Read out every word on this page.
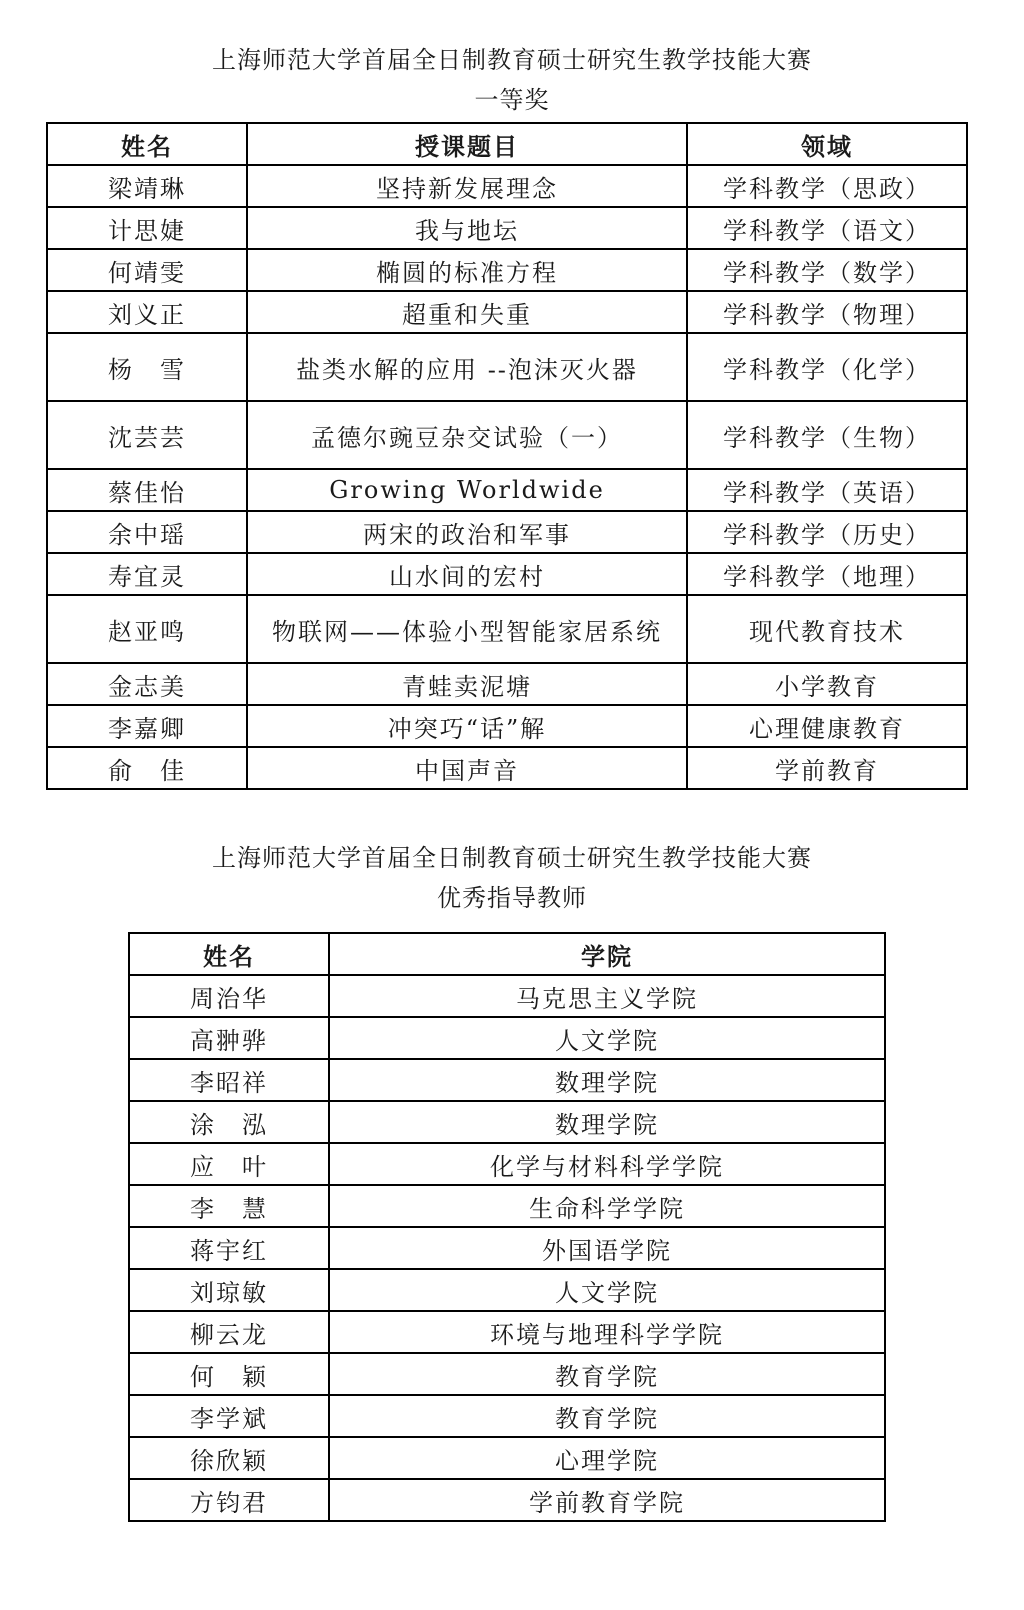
上海师范大学首届全日制教育硕士研究生教学技能大赛
一等奖
姓名	授课题目	领域
梁靖琳	坚持新发展理念	学科教学（思政）
计思婕	我与地坛	学科教学（语文）
何靖雯	椭圆的标准方程	学科教学（数学）
刘义正	超重和失重	学科教学（物理）
杨　雪	盐类水解的应用 --泡沫灭火器	学科教学（化学）
沈芸芸	孟德尔豌豆杂交试验（一）	学科教学（生物）
蔡佳怡	Growing Worldwide	学科教学（英语）
余中瑶	两宋的政治和军事	学科教学（历史）
寿宜灵	山水间的宏村	学科教学（地理）
赵亚鸣	物联网——体验小型智能家居系统	现代教育技术
金志美	青蛙卖泥塘	小学教育
李嘉卿	冲突巧“话”解	心理健康教育
俞　佳	中国声音	学前教育
上海师范大学首届全日制教育硕士研究生教学技能大赛
优秀指导教师
姓名	学院
周治华	马克思主义学院
高翀骅	人文学院
李昭祥	数理学院
涂　泓	数理学院
应　叶	化学与材料科学学院
李　慧	生命科学学院
蒋宇红	外国语学院
刘琼敏	人文学院
柳云龙	环境与地理科学学院
何　颖	教育学院
李学斌	教育学院
徐欣颖	心理学院
方钧君	学前教育学院
